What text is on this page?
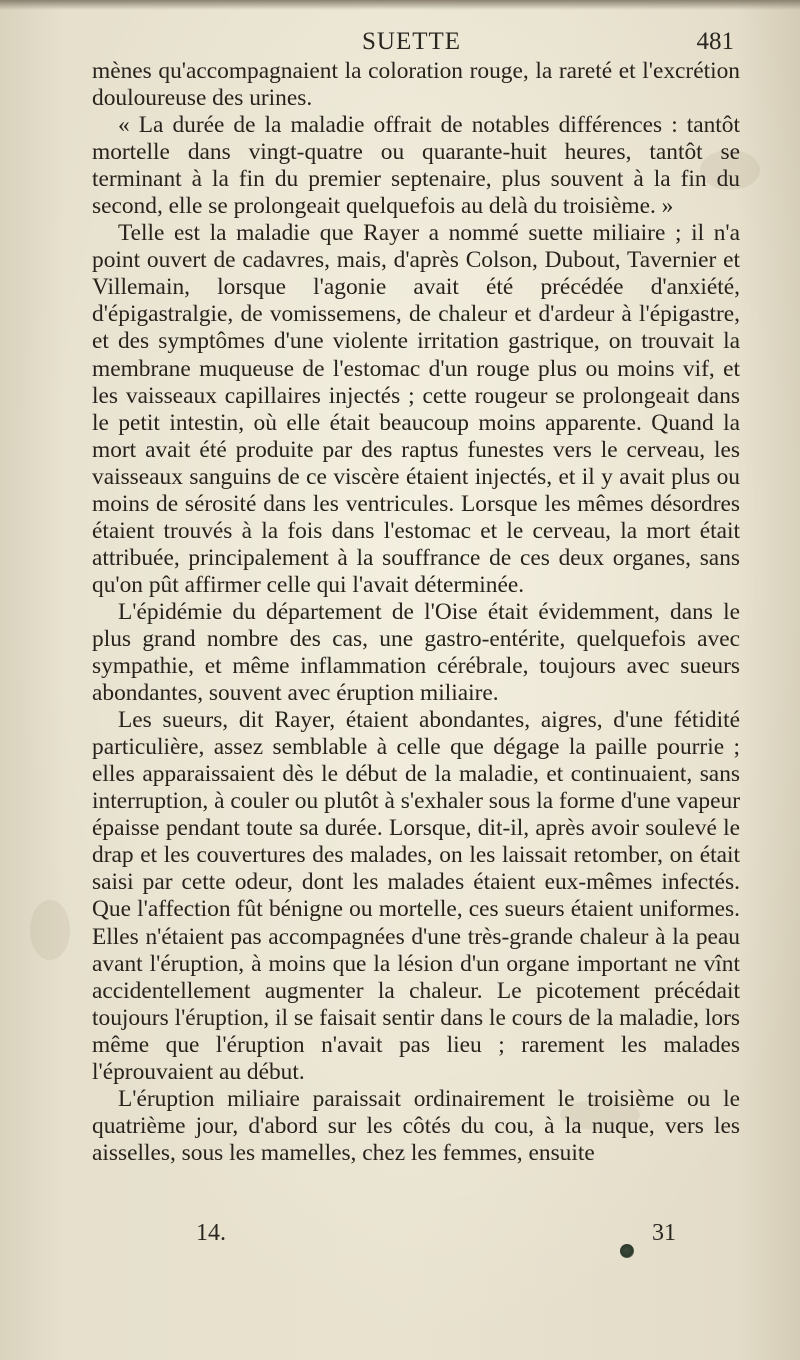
SUETTE	481

mènes qu'accompagnaient la coloration rouge, la rareté et l'excrétion douloureuse des urines.

« La durée de la maladie offrait de notables différences : tantôt mortelle dans vingt-quatre ou quarante-huit heures, tantôt se terminant à la fin du premier septenaire, plus souvent à la fin du second, elle se prolongeait quelquefois au delà du troisième. »

Telle est la maladie que Rayer a nommé suette miliaire ; il n'a point ouvert de cadavres, mais, d'après Colson, Dubout, Tavernier et Villemain, lorsque l'agonie avait été précédée d'anxiété, d'épigastralgie, de vomissemens, de chaleur et d'ardeur à l'épigastre, et des symptômes d'une violente irritation gastrique, on trouvait la membrane muqueuse de l'estomac d'un rouge plus ou moins vif, et les vaisseaux capillaires injectés ; cette rougeur se prolongeait dans le petit intestin, où elle était beaucoup moins apparente. Quand la mort avait été produite par des raptus funestes vers le cerveau, les vaisseaux sanguins de ce viscère étaient injectés, et il y avait plus ou moins de sérosité dans les ventricules. Lorsque les mêmes désordres étaient trouvés à la fois dans l'estomac et le cerveau, la mort était attribuée, principalement à la souffrance de ces deux organes, sans qu'on pût affirmer celle qui l'avait déterminée.

L'épidémie du département de l'Oise était évidemment, dans le plus grand nombre des cas, une gastro-entérite, quelquefois avec sympathie, et même inflammation cérébrale, toujours avec sueurs abondantes, souvent avec éruption miliaire.

Les sueurs, dit Rayer, étaient abondantes, aigres, d'une fétidité particulière, assez semblable à celle que dégage la paille pourrie ; elles apparaissaient dès le début de la maladie, et continuaient, sans interruption, à couler ou plutôt à s'exhaler sous la forme d'une vapeur épaisse pendant toute sa durée. Lorsque, dit-il, après avoir soulevé le drap et les couvertures des malades, on les laissait retomber, on était saisi par cette odeur, dont les malades étaient eux-mêmes infectés. Que l'affection fût bénigne ou mortelle, ces sueurs étaient uniformes. Elles n'étaient pas accompagnées d'une très-grande chaleur à la peau avant l'éruption, à moins que la lésion d'un organe important ne vînt accidentellement augmenter la chaleur. Le picotement précédait toujours l'éruption, il se faisait sentir dans le cours de la maladie, lors même que l'éruption n'avait pas lieu ; rarement les malades l'éprouvaient au début.

L'éruption miliaire paraissait ordinairement le troisième ou le quatrième jour, d'abord sur les côtés du cou, à la nuque, vers les aisselles, sous les mamelles, chez les femmes, ensuite

14.	31
